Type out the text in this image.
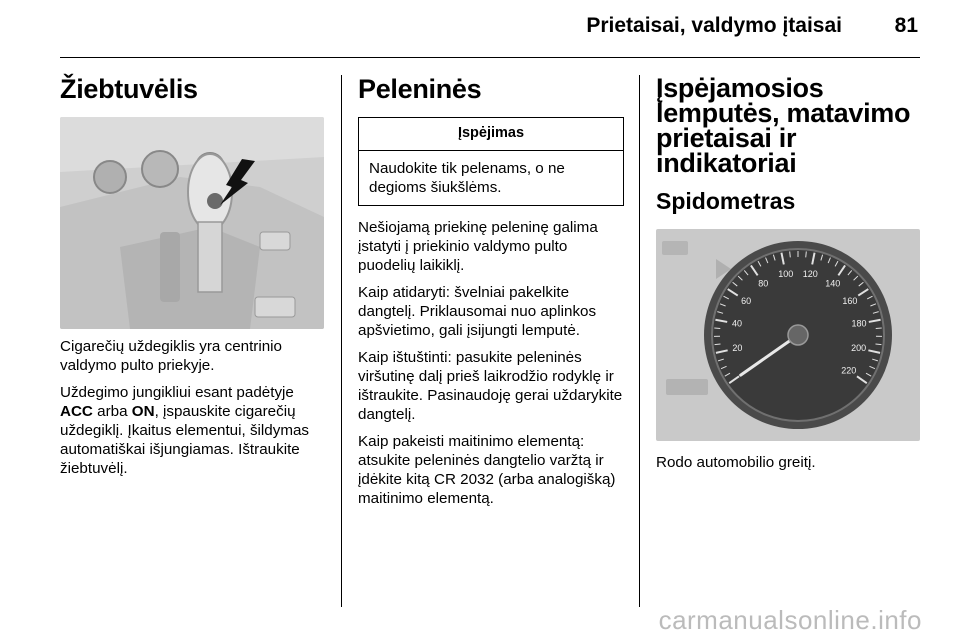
Prietaisai, valdymo įtaisai	81
Žiebtuvėlis

Cigarečių uždegiklis yra centrinio valdymo pulto priekyje.

Uždegimo jungikliui esant padėtyje ACC arba ON, įspauskite cigarečių uždegiklį. Įkaitus elementui, šildymas automatiškai išjungiamas. Ištraukite žiebtuvėlį.

Peleninės
Įspėjimas
Naudokite tik pelenams, o ne degioms šiukšlėms.

Nešiojamą priekinę peleninę galima įstatyti į priekinio valdymo pulto puodelių laikiklį.

Kaip atidaryti: švelniai pakelkite dangtelį. Priklausomai nuo aplinkos apšvietimo, gali įsijungti lemputė.

Kaip ištuštinti: pasukite peleninės viršutinę dalį prieš laikrodžio rodyklę ir ištraukite. Pasinaudoję gerai uždarykite dangtelį.

Kaip pakeisti maitinimo elementą: atsukite peleninės dangtelio varžtą ir įdėkite kitą CR 2032 (arba analogišką) maitinimo elementą.

Įspėjamosios lemputės, matavimo prietaisai ir indikatoriai
Spidometras
20
40
60
80
100 120
140
160
180
200
220

Rodo automobilio greitį.

carmanualsonline.info
